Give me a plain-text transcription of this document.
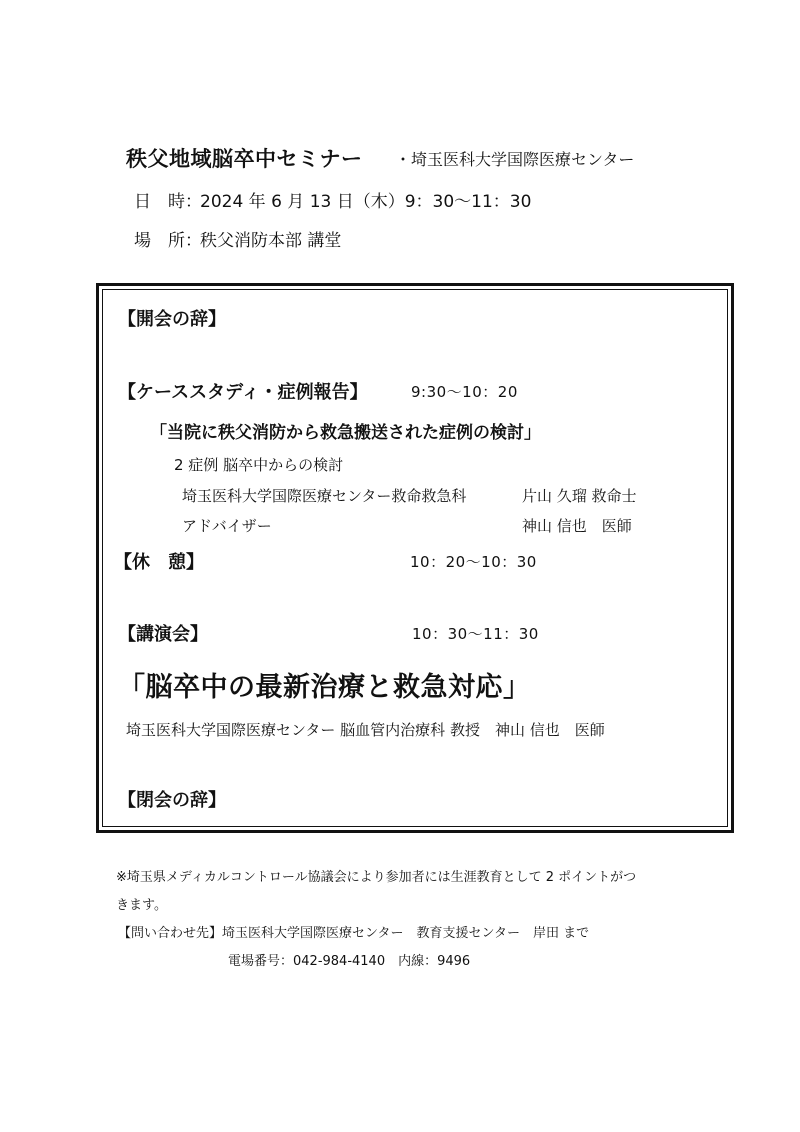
秩父地域脳卒中セミナー ・埼玉医科大学国際医療センター
日　時：2024 年 6 月 13 日（木）9：30〜11：30
場　所：秩父消防本部 講堂
【開会の辞】
【ケーススタディ・症例報告】	9:30〜10：20
「当院に秩父消防から救急搬送された症例の検討」
2 症例 脳卒中からの検討
埼玉医科大学国際医療センター救命救急科	片山 久瑠 救命士
アドバイザー	神山 信也　医師
【休　憩】	10：20〜10：30
【講演会】	10：30〜11：30
「脳卒中の最新治療と救急対応」
埼玉医科大学国際医療センター 脳血管内治療科 教授　神山 信也　医師
【閉会の辞】
※埼玉県メディカルコントロール協議会により参加者には生涯教育として 2 ポイントがつ
きます。
【問い合わせ先】埼玉医科大学国際医療センター　教育支援センター　岸田 まで
電場番号：042-984-4140　内線：9496
